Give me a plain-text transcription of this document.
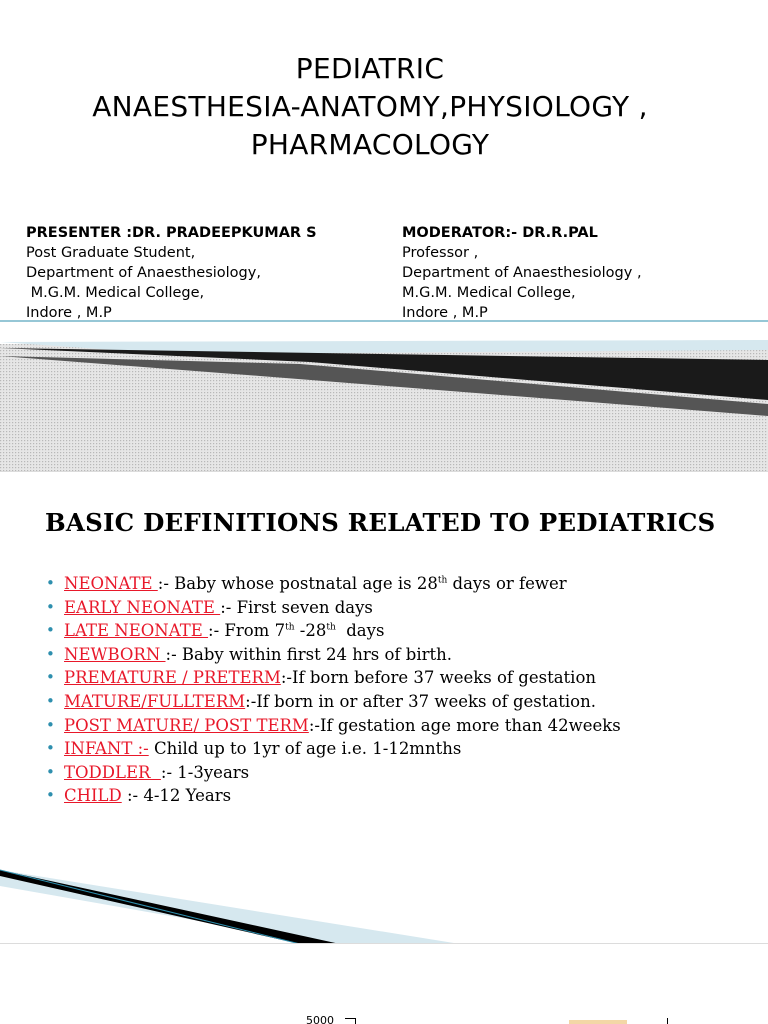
PEDIATRIC
ANAESTHESIA-ANATOMY,PHYSIOLOGY ,
PHARMACOLOGY
PRESENTER :DR. PRADEEPKUMAR S
Post Graduate Student,
Department of Anaesthesiology,
M.G.M. Medical College,
Indore , M.P
MODERATOR:- DR.R.PAL
Professor ,
Department of Anaesthesiology ,
M.G.M. Medical College,
Indore , M.P
BASIC DEFINITIONS RELATED TO PEDIATRICS
• NEONATE :- Baby whose postnatal age is 28th days or fewer
• EARLY NEONATE :- First seven days
• LATE NEONATE :- From 7th -28th  days
• NEWBORN :- Baby within first 24 hrs of birth.
• PREMATURE / PRETERM:-If born before 37 weeks of gestation
• MATURE/FULLTERM:-If born in or after 37 weeks of gestation.
• POST MATURE/ POST TERM:-If gestation age more than 42weeks
• INFANT :- Child up to 1yr of age i.e. 1-12mnths
• TODDLER  :- 1-3years
• CHILD :- 4-12 Years
5000
